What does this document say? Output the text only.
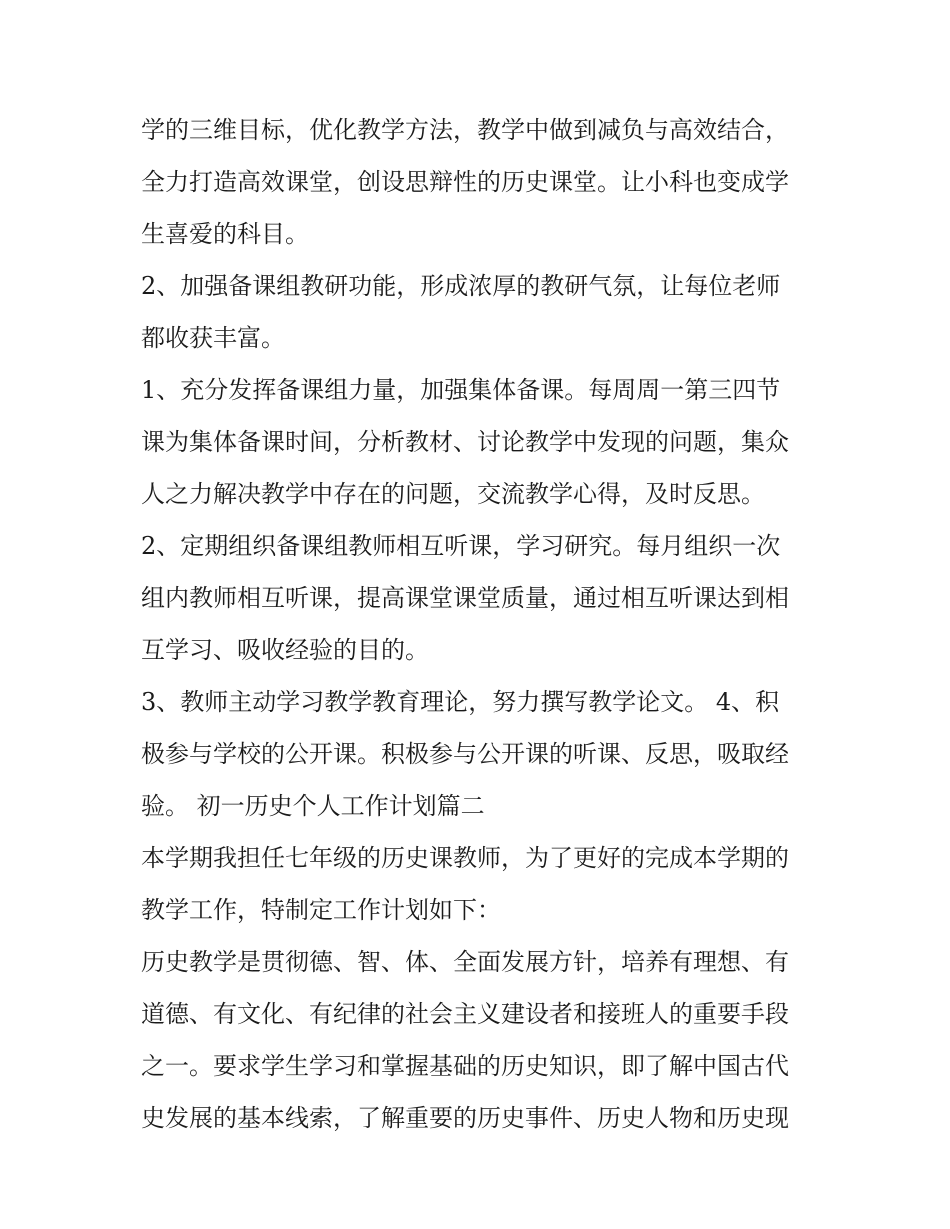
学的三维目标，优化教学方法，教学中做到减负与高效结合，
全力打造高效课堂，创设思辩性的历史课堂。让小科也变成学
生喜爱的科目。
2、加强备课组教研功能，形成浓厚的教研气氛，让每位老师
都收获丰富。
1、充分发挥备课组力量，加强集体备课。每周周一第三四节
课为集体备课时间，分析教材、讨论教学中发现的问题，集众
人之力解决教学中存在的问题，交流教学心得，及时反思。
2、定期组织备课组教师相互听课，学习研究。每月组织一次
组内教师相互听课，提高课堂课堂质量，通过相互听课达到相
互学习、吸收经验的目的。
3、教师主动学习教学教育理论，努力撰写教学论文。 4、积
极参与学校的公开课。积极参与公开课的听课、反思，吸取经
验。 初一历史个人工作计划篇二
本学期我担任七年级的历史课教师，为了更好的完成本学期的
教学工作，特制定工作计划如下：
历史教学是贯彻德、智、体、全面发展方针，培养有理想、有
道德、有文化、有纪律的社会主义建设者和接班人的重要手段
之一。要求学生学习和掌握基础的历史知识，即了解中国古代
史发展的基本线索，了解重要的历史事件、历史人物和历史现
